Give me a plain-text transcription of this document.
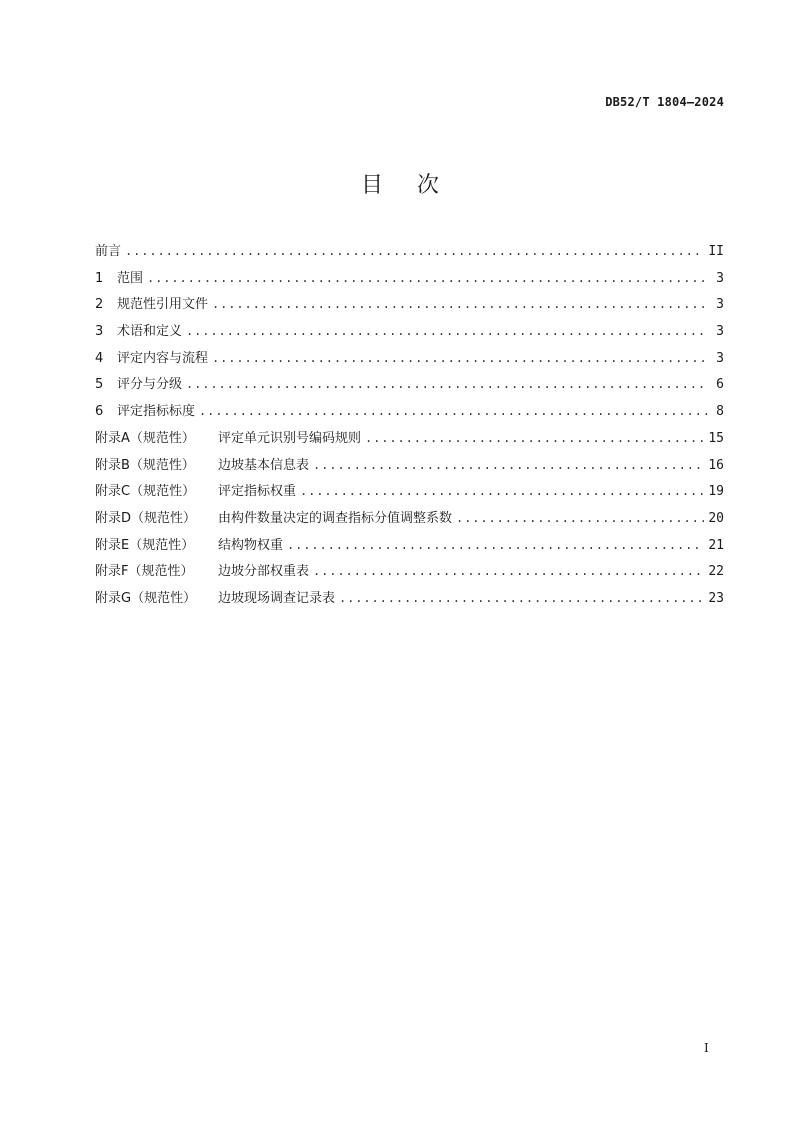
DB52/T 1804—2024
目次
前言 .....	II
1	范围 .....	3
2	规范性引用文件 .....	3
3	术语和定义 .....	3
4	评定内容与流程 .....	3
5	评分与分级 .....	6
6	评定指标标度 .....	8
附录A（规范性）	评定单元识别号编码规则 .....	15
附录B（规范性）	边坡基本信息表 .....	16
附录C（规范性）	评定指标权重 .....	19
附录D（规范性）	由构件数量决定的调查指标分值调整系数 .....	20
附录E（规范性）	结构物权重 .....	21
附录F（规范性）	边坡分部权重表 .....	22
附录G（规范性）	边坡现场调查记录表 .....	23
I
